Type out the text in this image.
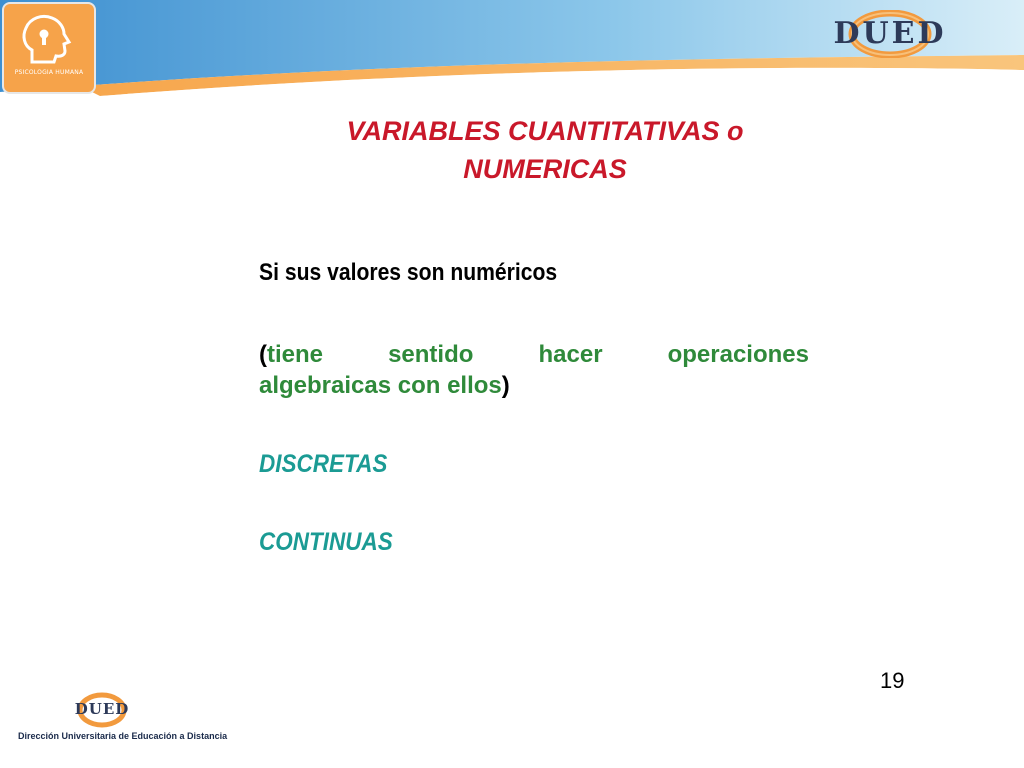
PSICOLOGIA HUMANA
DUED
VARIABLES CUANTITATIVAS o
NUMERICAS

Si sus valores son numéricos

(tiene	sentido	hacer	operaciones
algebraicas con ellos)
DISCRETAS
CONTINUAS
19
DUED
Dirección Universitaria de Educación a Distancia
